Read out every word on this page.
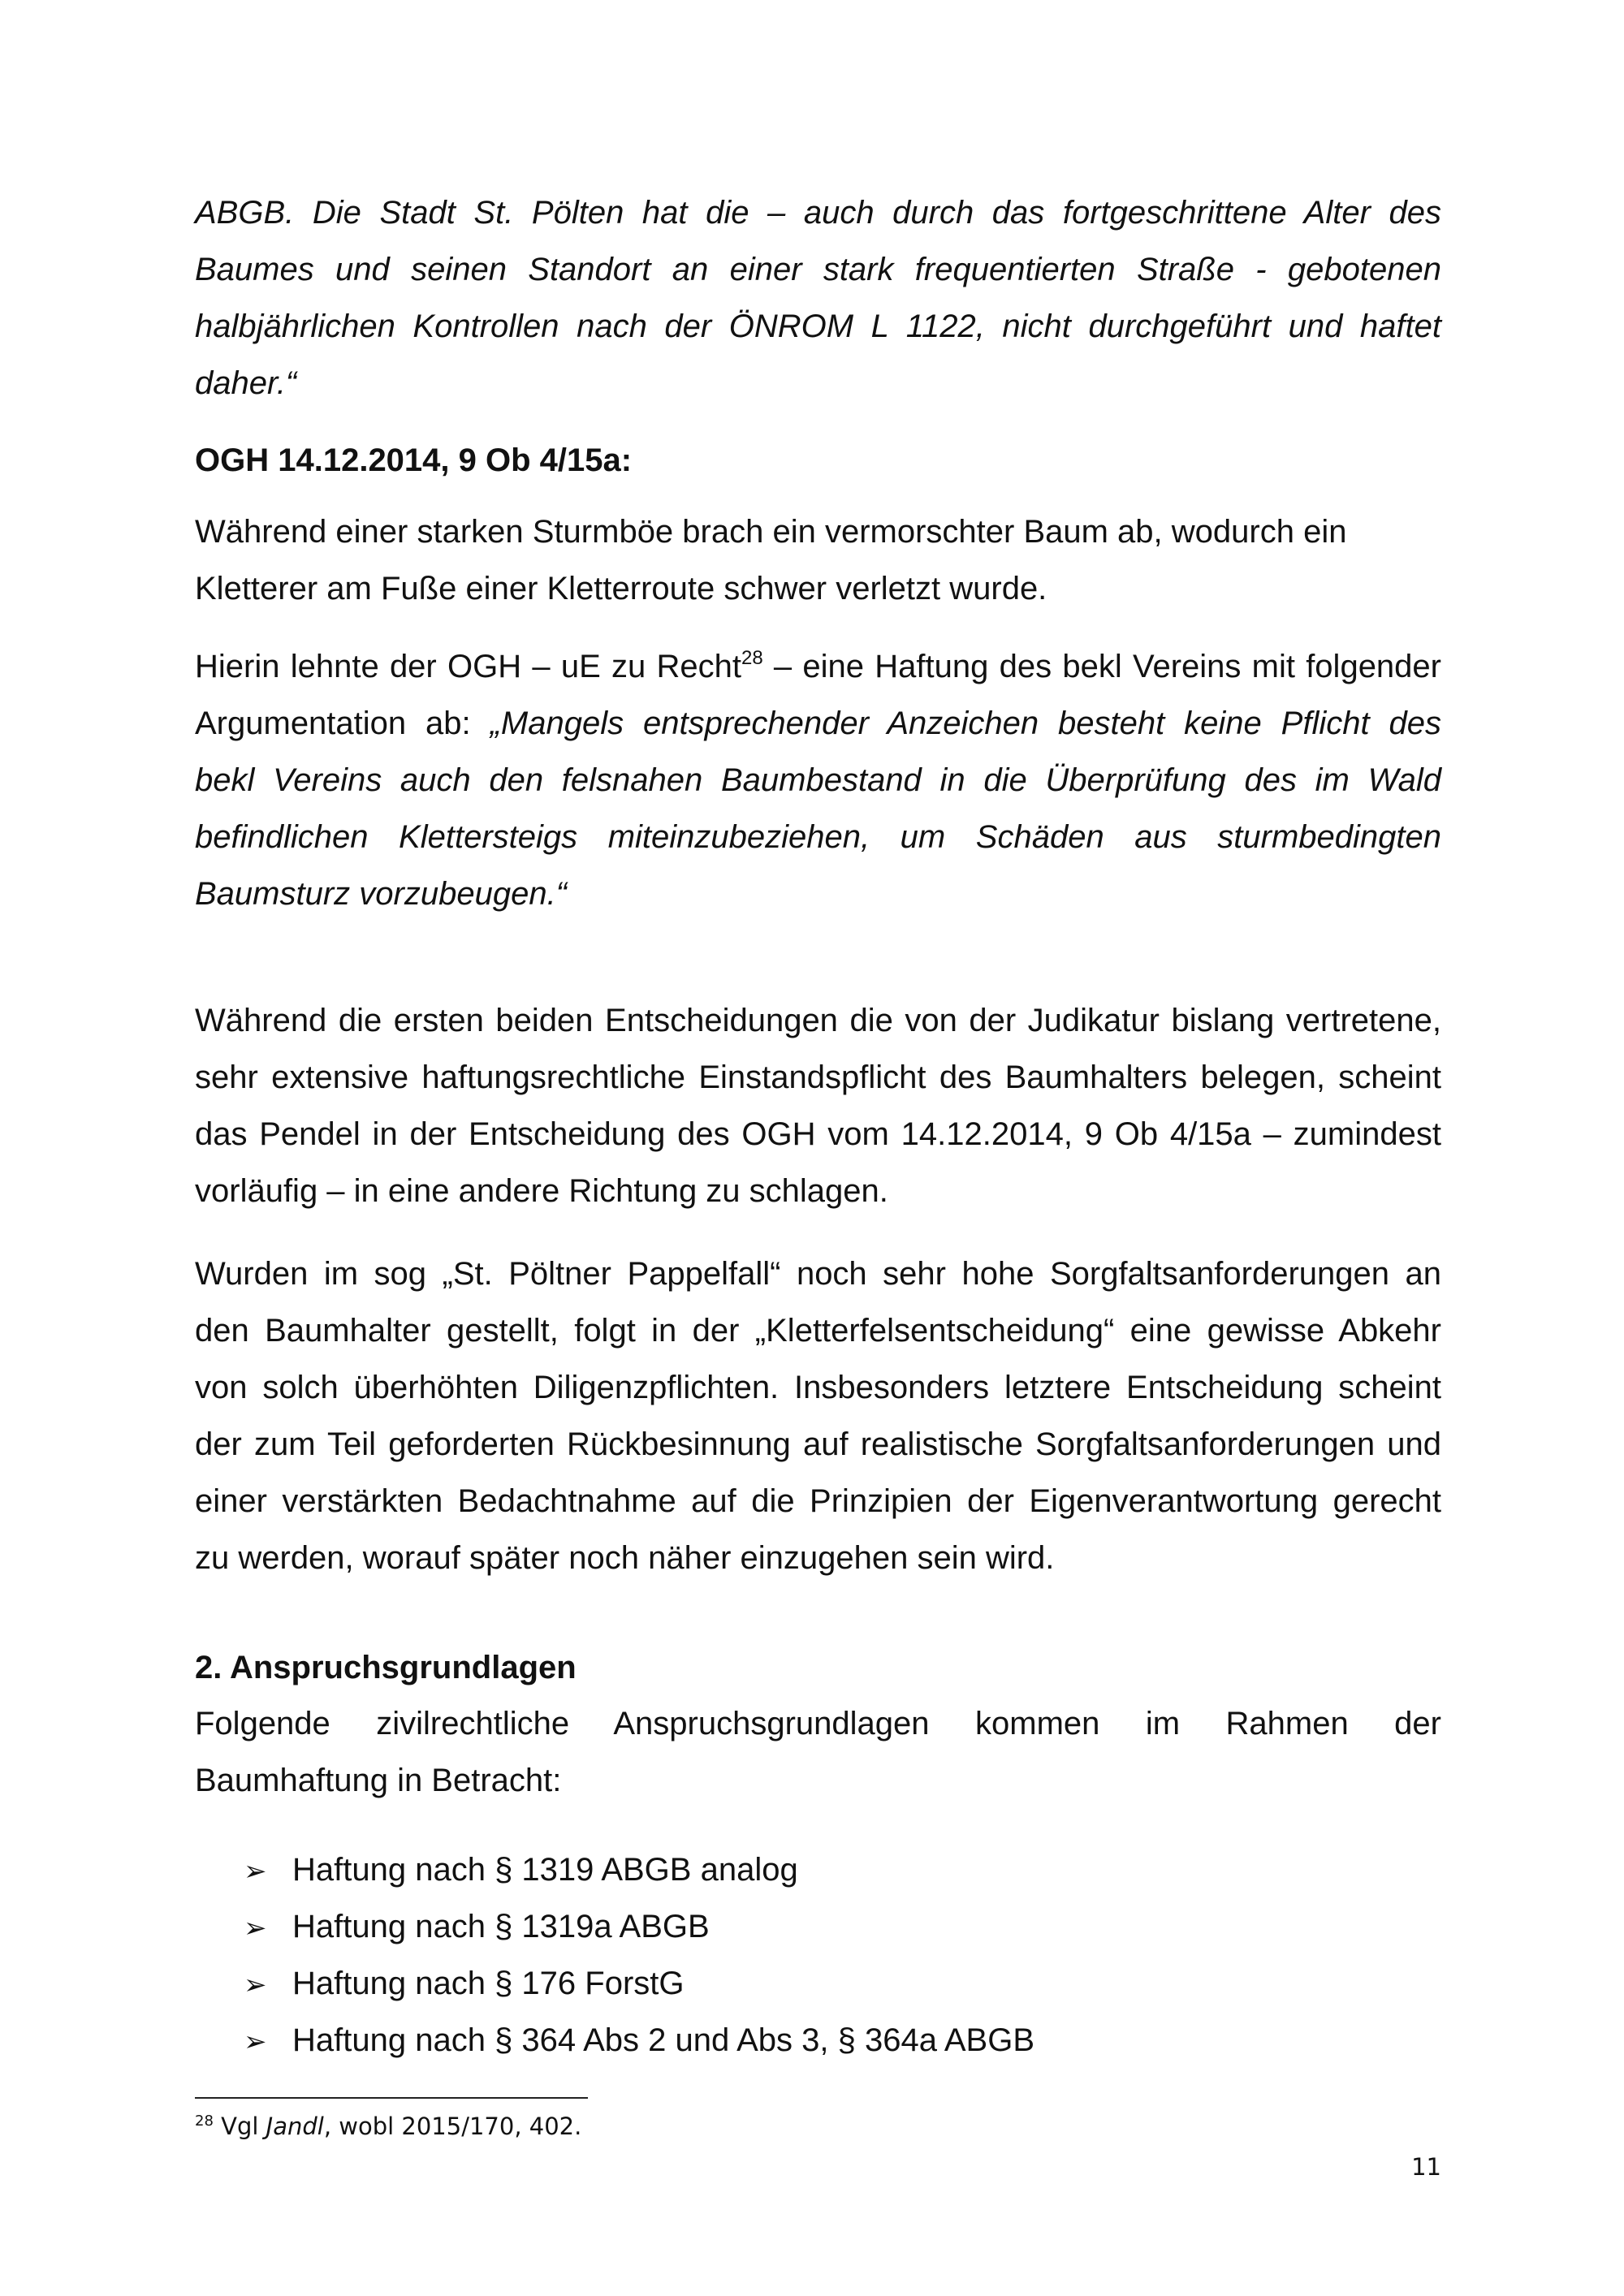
ABGB. Die Stadt St. Pölten hat die – auch durch das fortgeschrittene Alter des

Baumes und seinen Standort an einer stark frequentierten Straße - gebotenen

halbjährlichen Kontrollen nach der ÖNROM L 1122, nicht durchgeführt und haftet

daher.“

OGH 14.12.2014, 9 Ob 4/15a:

Während einer starken Sturmböe brach ein vermorschter Baum ab, wodurch ein

Kletterer am Fuße einer Kletterroute schwer verletzt wurde.

Hierin lehnte der OGH – uE zu Recht$^{28}$ – eine Haftung des bekl Vereins mit folgender

Argumentation ab: „Mangels entsprechender Anzeichen besteht keine Pflicht des

bekl Vereins auch den felsnahen Baumbestand in die Überprüfung des im Wald

befindlichen Klettersteigs miteinzubeziehen, um Schäden aus sturmbedingten

Baumsturz vorzubeugen.“

Während die ersten beiden Entscheidungen die von der Judikatur bislang vertretene,

sehr extensive haftungsrechtliche Einstandspflicht des Baumhalters belegen, scheint

das Pendel in der Entscheidung des OGH vom 14.12.2014, 9 Ob 4/15a – zumindest

vorläufig – in eine andere Richtung zu schlagen.

Wurden im sog „St. Pöltner Pappelfall“ noch sehr hohe Sorgfaltsanforderungen an

den Baumhalter gestellt, folgt in der „Kletterfelsentscheidung“ eine gewisse Abkehr

von solch überhöhten Diligenzpflichten. Insbesonders letztere Entscheidung scheint

der zum Teil geforderten Rückbesinnung auf realistische Sorgfaltsanforderungen und

einer verstärkten Bedachtnahme auf die Prinzipien der Eigenverantwortung gerecht

zu werden, worauf später noch näher einzugehen sein wird.

2. Anspruchsgrundlagen

Folgende zivilrechtliche Anspruchsgrundlagen kommen im Rahmen der

Baumhaftung in Betracht:

➢ Haftung nach § 1319 ABGB analog
➢ Haftung nach § 1319a ABGB
➢ Haftung nach § 176 ForstG
➢ Haftung nach § 364 Abs 2 und Abs 3, § 364a ABGB
$^{28}$ Vgl Jandl, wobl 2015/170, 402.
11
